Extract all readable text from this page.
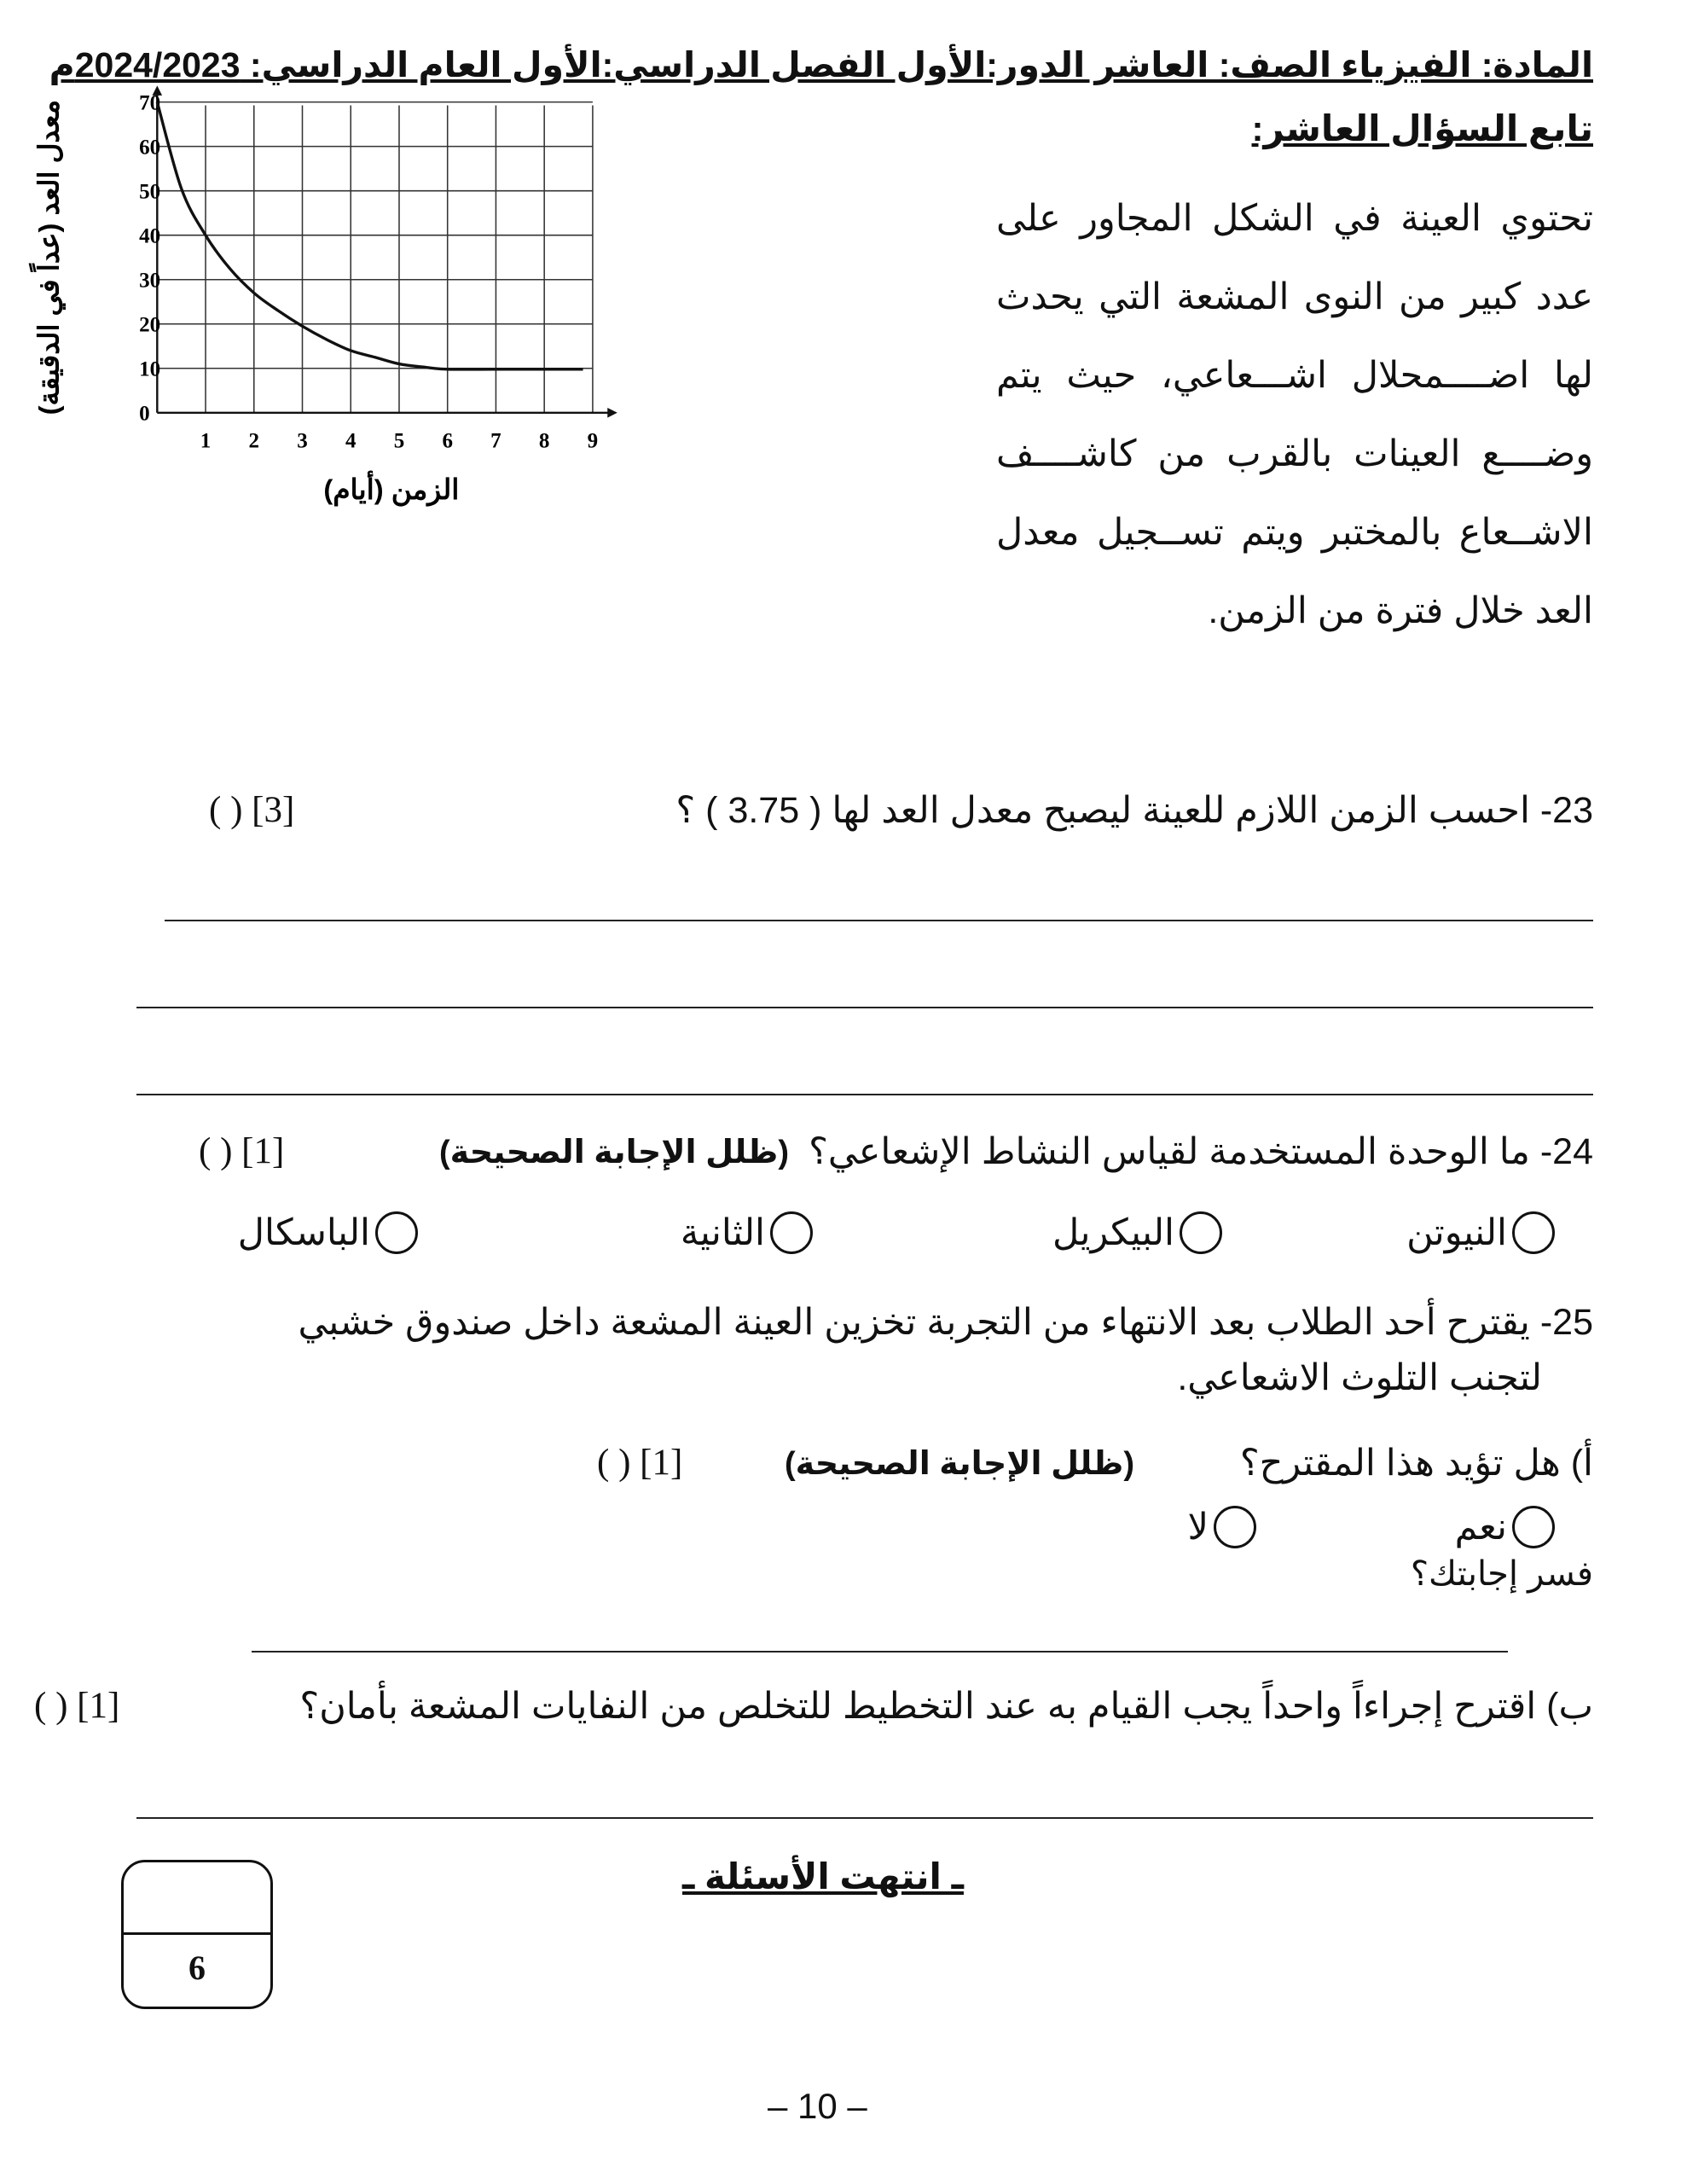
المادة: الفيزياء الصف: العاشر الدور:الأول الفصل الدراسي:الأول العام الدراسي: 2024/2023م
تابع السؤال العاشر:
تحتوي العينة في الشكل المجاور على
عدد كبير من النوى المشعة التي يحدث
لها اضــــمحلال اشـــعاعي، حيث يتم
وضــــع العينات بالقرب من كاشــــف
الاشــعاع بالمختبر ويتم تســجيل معدل
العد خلال فترة من الزمن.
1 2 3 4 5 6 7 8 9
0
10
20
30
40
50
60
70
الزمن (أيام)
معدل العد (عداً في الدقيقة)
23- احسب الزمن اللازم للعينة ليصبح معدل العد لها ( 3.75 ) ؟
( ) [3]
24- ما الوحدة المستخدمة لقياس النشاط الإشعاعي؟
(ظلل الإجابة الصحيحة)
( ) [1]
النيوتن
البيكريل
الثانية
الباسكال
25- يقترح أحد الطلاب بعد الانتهاء من التجربة تخزين العينة المشعة داخل صندوق خشبي
لتجنب التلوث الاشعاعي.
أ) هل تؤيد هذا المقترح؟
(ظلل الإجابة الصحيحة)
( ) [1]
نعم
لا
فسر إجابتك؟
ب) اقترح إجراءاً واحداً يجب القيام به عند التخطيط للتخلص من النفايات المشعة بأمان؟
( ) [1]
ـ انتهت الأسئلة ـ
6
– 10 –
